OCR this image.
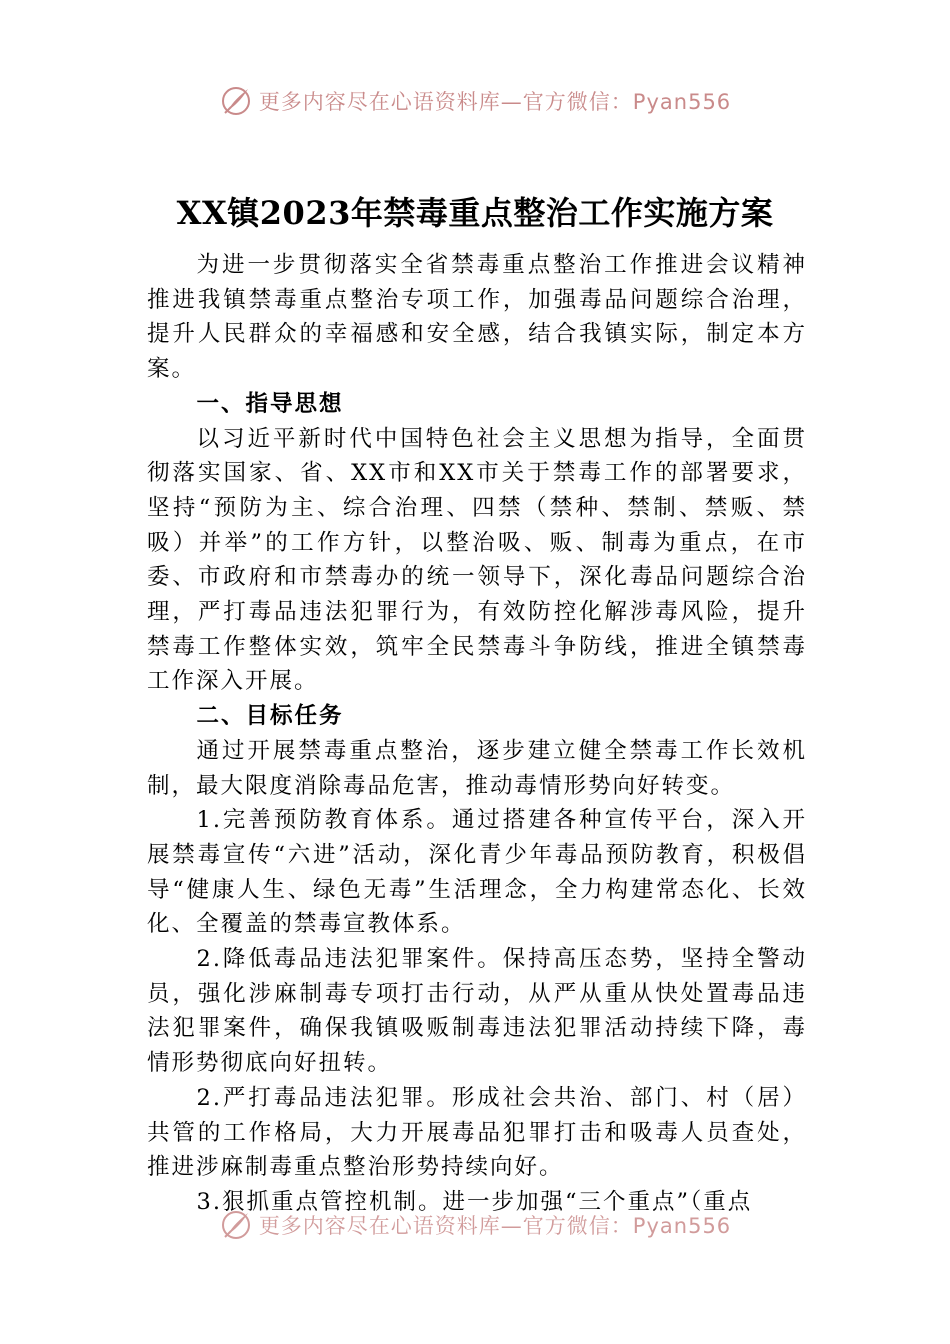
更多内容尽在心语资料库—官方微信：Pyan556
XX镇2023年禁毒重点整治工作实施方案

为进一步贯彻落实全省禁毒重点整治工作推进会议精神推进我镇禁毒重点整治专项工作，加强毒品问题综合治理，提升人民群众的幸福感和安全感，结合我镇实际，制定本方案。

一、指导思想

以习近平新时代中国特色社会主义思想为指导，全面贯彻落实国家、省、XX市和XX市关于禁毒工作的部署要求，坚持“预防为主、综合治理、四禁（禁种、禁制、禁贩、禁吸）并举”的工作方针，以整治吸、贩、制毒为重点，在市委、市政府和市禁毒办的统一领导下，深化毒品问题综合治理，严打毒品违法犯罪行为，有效防控化解涉毒风险，提升禁毒工作整体实效，筑牢全民禁毒斗争防线，推进全镇禁毒工作深入开展。

二、目标任务

通过开展禁毒重点整治，逐步建立健全禁毒工作长效机制，最大限度消除毒品危害，推动毒情形势向好转变。

1.完善预防教育体系。通过搭建各种宣传平台，深入开展禁毒宣传“六进”活动，深化青少年毒品预防教育，积极倡导“健康人生、绿色无毒”生活理念，全力构建常态化、长效化、全覆盖的禁毒宣教体系。

2.降低毒品违法犯罪案件。保持高压态势，坚持全警动员，强化涉麻制毒专项打击行动，从严从重从快处置毒品违法犯罪案件，确保我镇吸贩制毒违法犯罪活动持续下降，毒情形势彻底向好扭转。

2.严打毒品违法犯罪。形成社会共治、部门、村（居）共管的工作格局，大力开展毒品犯罪打击和吸毒人员查处，推进涉麻制毒重点整治形势持续向好。

3.狠抓重点管控机制。进一步加强“三个重点”（重点

更多内容尽在心语资料库—官方微信：Pyan556
